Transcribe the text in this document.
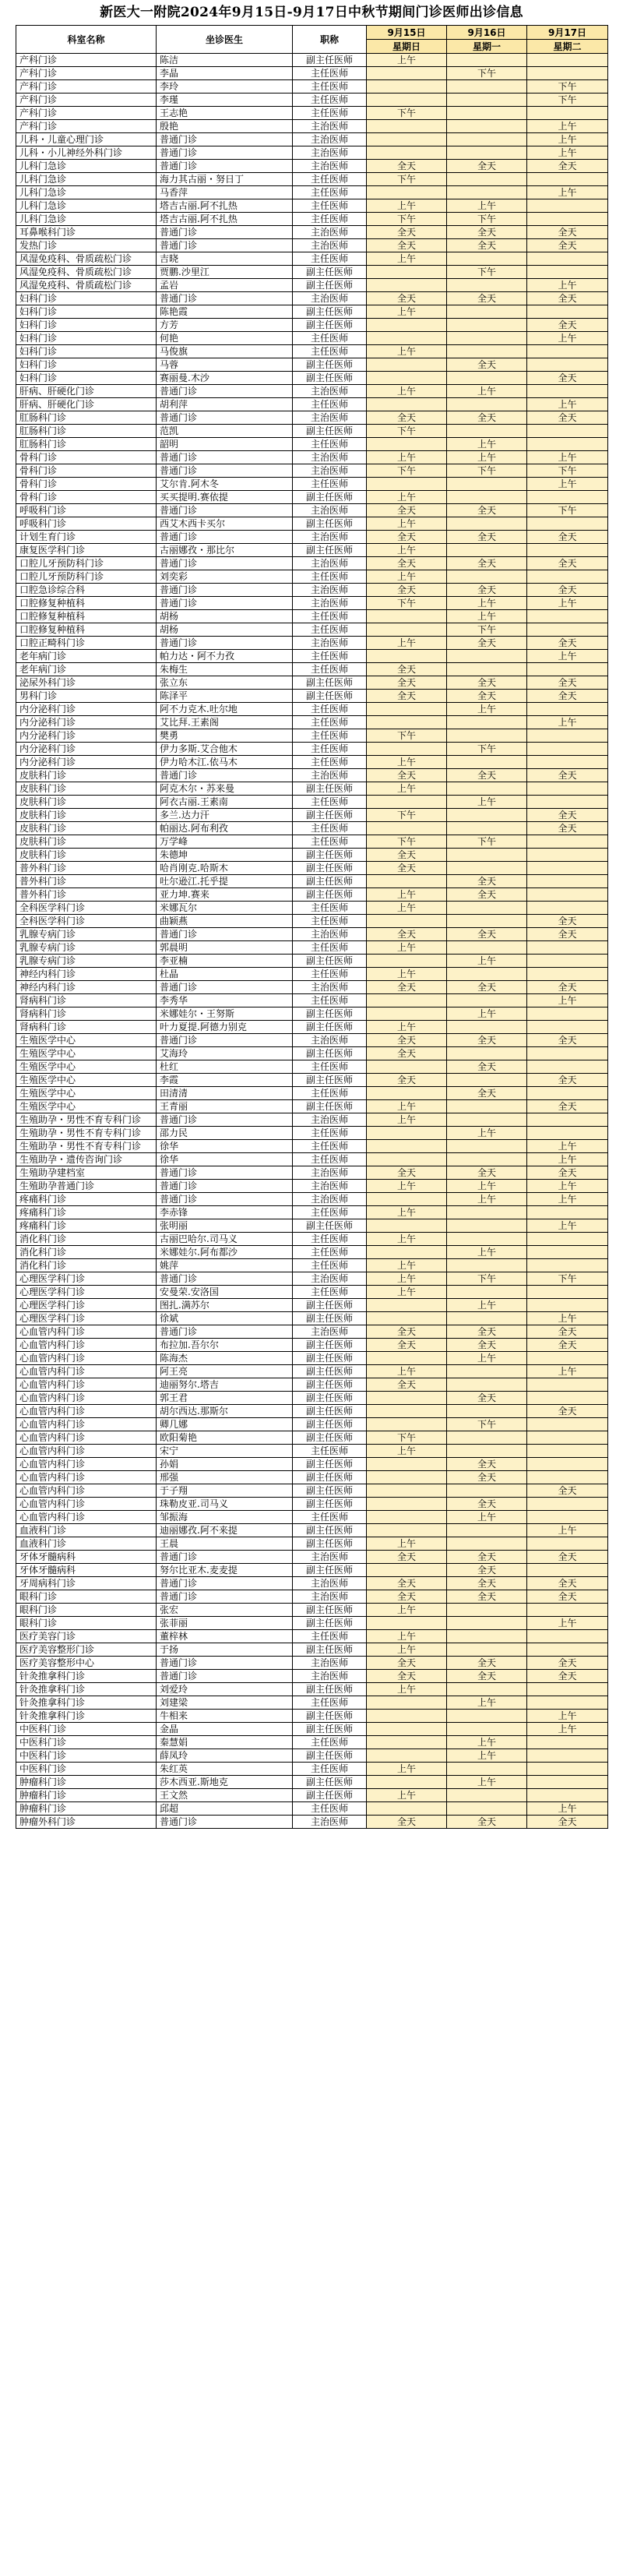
新医大一附院2024年9月15日-9月17日中秋节期间门诊医师出诊信息
科室名称	坐诊医生	职称	9月15日	9月16日	9月17日
			星期日	星期一	星期二
产科门诊	陈洁	副主任医师	上午		
产科门诊	李晶	主任医师		下午	
产科门诊	李玲	主任医师			下午
产科门诊	李瑾	主任医师			下午
产科门诊	王志艳	主任医师	下午		
产科门诊	殷艳	主治医师			上午
儿科・儿童心理门诊	普通门诊	主治医师			上午
儿科・小儿神经外科门诊	普通门诊	主治医师			上午
儿科门急诊	普通门诊	主治医师	全天	全天	全天
儿科门急诊	海力其古丽・努日丁	主任医师	下午		
儿科门急诊	马香萍	主任医师			上午
儿科门急诊	塔吉古丽.阿不扎热	主任医师	上午	上午	
儿科门急诊	塔吉古丽.阿不扎热	主任医师	下午	下午	
耳鼻喉科门诊	普通门诊	主治医师	全天	全天	全天
发热门诊	普通门诊	主治医师	全天	全天	全天
风湿免疫科、骨质疏松门诊	吉晓	主任医师	上午		
风湿免疫科、骨质疏松门诊	贾鹏.沙里江	副主任医师		下午	
风湿免疫科、骨质疏松门诊	孟岩	副主任医师			上午
妇科门诊	普通门诊	主治医师	全天	全天	全天
妇科门诊	陈艳霞	副主任医师	上午		
妇科门诊	方芳	副主任医师			全天
妇科门诊	何艳	主任医师			上午
妇科门诊	马俊旗	主任医师	上午		
妇科门诊	马蓉	副主任医师		全天	
妇科门诊	赛丽曼.木沙	副主任医师			全天
肝病、肝硬化门诊	普通门诊	主治医师	上午	上午	
肝病、肝硬化门诊	胡利萍	主任医师			上午
肛肠科门诊	普通门诊	主治医师	全天	全天	全天
肛肠科门诊	范凯	副主任医师	下午		
肛肠科门诊	韶明	主任医师		上午	
骨科门诊	普通门诊	主治医师	上午	上午	上午
骨科门诊	普通门诊	主治医师	下午	下午	下午
骨科门诊	艾尔肯.阿木冬	主任医师			上午
骨科门诊	买买提明.赛依提	副主任医师	上午		
呼吸科门诊	普通门诊	主治医师	全天	全天	下午
呼吸科门诊	西艾木西卡买尔	副主任医师	上午		
计划生育门诊	普通门诊	主治医师	全天	全天	全天
康复医学科门诊	古丽娜孜・那比尔	副主任医师	上午		
口腔儿牙预防科门诊	普通门诊	主治医师	全天	全天	全天
口腔儿牙预防科门诊	刘奕彩	主任医师	上午		
口腔急诊综合科	普通门诊	主治医师	全天	全天	全天
口腔修复种植科	普通门诊	主治医师	下午	上午	上午
口腔修复种植科	胡杨	主任医师		上午	
口腔修复种植科	胡杨	主任医师		下午	
口腔正畸科门诊	普通门诊	主治医师	上午	全天	全天
老年病门诊	帕力达・阿不力孜	主任医师			上午
老年病门诊	朱梅生	主任医师	全天		
泌尿外科门诊	张立东	副主任医师	全天	全天	全天
男科门诊	陈泽平	副主任医师	全天	全天	全天
内分泌科门诊	阿不力克木.吐尔地	主任医师		上午	
内分泌科门诊	艾比拜.王素阁	主任医师			上午
内分泌科门诊	樊勇	主任医师	下午		
内分泌科门诊	伊力多斯.艾合他木	主任医师		下午	
内分泌科门诊	伊力哈木江.依马木	主任医师	上午		
皮肤科门诊	普通门诊	主治医师	全天	全天	全天
皮肤科门诊	阿克木尔・苏来曼	副主任医师	上午		
皮肤科门诊	阿衣古丽.王素南	主任医师		上午	
皮肤科门诊	多兰.达力汗	副主任医师	下午		全天
皮肤科门诊	帕丽达.阿布利孜	主任医师			全天
皮肤科门诊	万学峰	主任医师	下午	下午	
皮肤科门诊	朱德坤	副主任医师	全天		
普外科门诊	哈肖刚克.哈斯木	副主任医师	全天		
普外科门诊	吐尔逊江.托乎提	副主任医师		全天	
普外科门诊	亚力坤.赛来	副主任医师	上午	全天	
全科医学科门诊	米娜瓦尔	主任医师	上午		
全科医学科门诊	曲颖燕	主任医师			全天
乳腺专病门诊	普通门诊	主治医师	全天	全天	全天
乳腺专病门诊	郭晨明	主任医师	上午		
乳腺专病门诊	李亚楠	副主任医师		上午	
神经内科门诊	杜晶	主任医师	上午		
神经内科门诊	普通门诊	主治医师	全天	全天	全天
肾病科门诊	李秀华	主任医师			上午
肾病科门诊	米娜娃尔・王努斯	副主任医师		上午	
肾病科门诊	叶力夏提.阿德力别克	副主任医师	上午		
生殖医学中心	普通门诊	主治医师	全天	全天	全天
生殖医学中心	艾海玲	副主任医师	全天		
生殖医学中心	杜红	主任医师		全天	
生殖医学中心	李霞	副主任医师	全天		全天
生殖医学中心	田清清	主任医师		全天	
生殖医学中心	王青丽	副主任医师	上午		全天
生殖助孕・男性不育专科门诊	普通门诊	主治医师	上午		
生殖助孕・男性不育专科门诊	邵力民	主任医师		上午	
生殖助孕・男性不育专科门诊	徐华	主任医师			上午
生殖助孕・遗传咨询门诊	徐华	主任医师			上午
生殖助孕建档室	普通门诊	主治医师	全天	全天	全天
生殖助孕普通门诊	普通门诊	主治医师	上午	上午	上午
疼痛科门诊	普通门诊	主治医师		上午	上午
疼痛科门诊	李赤锋	主任医师	上午		
疼痛科门诊	张明丽	副主任医师			上午
消化科门诊	古丽巴哈尔.司马义	主任医师	上午		
消化科门诊	米娜娃尔.阿布都沙	主任医师		上午	
消化科门诊	姚萍	主任医师	上午		
心理医学科门诊	普通门诊	主治医师	上午	下午	下午
心理医学科门诊	安曼荣.安洛国	主任医师	上午		
心理医学科门诊	图扎.满苏尔	副主任医师		上午	
心理医学科门诊	徐斌	副主任医师			上午
心血管内科门诊	普通门诊	主治医师	全天	全天	全天
心血管内科门诊	布拉加.吾尔尔	副主任医师	全天	全天	全天
心血管内科门诊	陈海杰	副主任医师		上午	
心血管内科门诊	阿王亮	副主任医师	上午		上午
心血管内科门诊	迪丽努尔.塔吉	副主任医师	全天		
心血管内科门诊	郭王君	副主任医师		全天	
心血管内科门诊	胡尔西达.那斯尔	副主任医师			全天
心血管内科门诊	卿几娜	副主任医师		下午	
心血管内科门诊	欧阳菊艳	副主任医师	下午		
心血管内科门诊	宋宁	主任医师	上午		
心血管内科门诊	孙娟	副主任医师		全天	
心血管内科门诊	邢强	副主任医师		全天	
心血管内科门诊	于子翔	副主任医师			全天
心血管内科门诊	珠勒皮亚.司马义	副主任医师		全天	
心血管内科门诊	邹振海	主任医师		上午	
血液科门诊	迪丽娜孜.阿不来提	副主任医师			上午
血液科门诊	王晨	副主任医师	上午		
牙体牙髓病科	普通门诊	主治医师	全天	全天	全天
牙体牙髓病科	努尔比亚木.麦麦提	副主任医师		全天	
牙周病科门诊	普通门诊	主治医师	全天	全天	全天
眼科门诊	普通门诊	主治医师	全天	全天	全天
眼科门诊	张宏	副主任医师	上午		
眼科门诊	张菲丽	副主任医师			上午
医疗美容门诊	董梓林	主任医师	上午		
医疗美容整形门诊	于扬	副主任医师	上午		
医疗美容整形中心	普通门诊	主治医师	全天	全天	全天
针灸推拿科门诊	普通门诊	主治医师	全天	全天	全天
针灸推拿科门诊	刘爱玲	副主任医师	上午		
针灸推拿科门诊	刘建梁	主任医师		上午	
针灸推拿科门诊	牛相来	副主任医师			上午
中医科门诊	金晶	副主任医师			上午
中医科门诊	秦慧娟	主任医师		上午	
中医科门诊	薛凤玲	副主任医师		上午	
中医科门诊	朱红英	主任医师	上午		
肿瘤科门诊	莎木西亚.斯地克	副主任医师		上午	
肿瘤科门诊	王文然	副主任医师	上午		
肿瘤科门诊	邱超	主任医师			上午
肿瘤外科门诊	普通门诊	主治医师	全天	全天	全天
